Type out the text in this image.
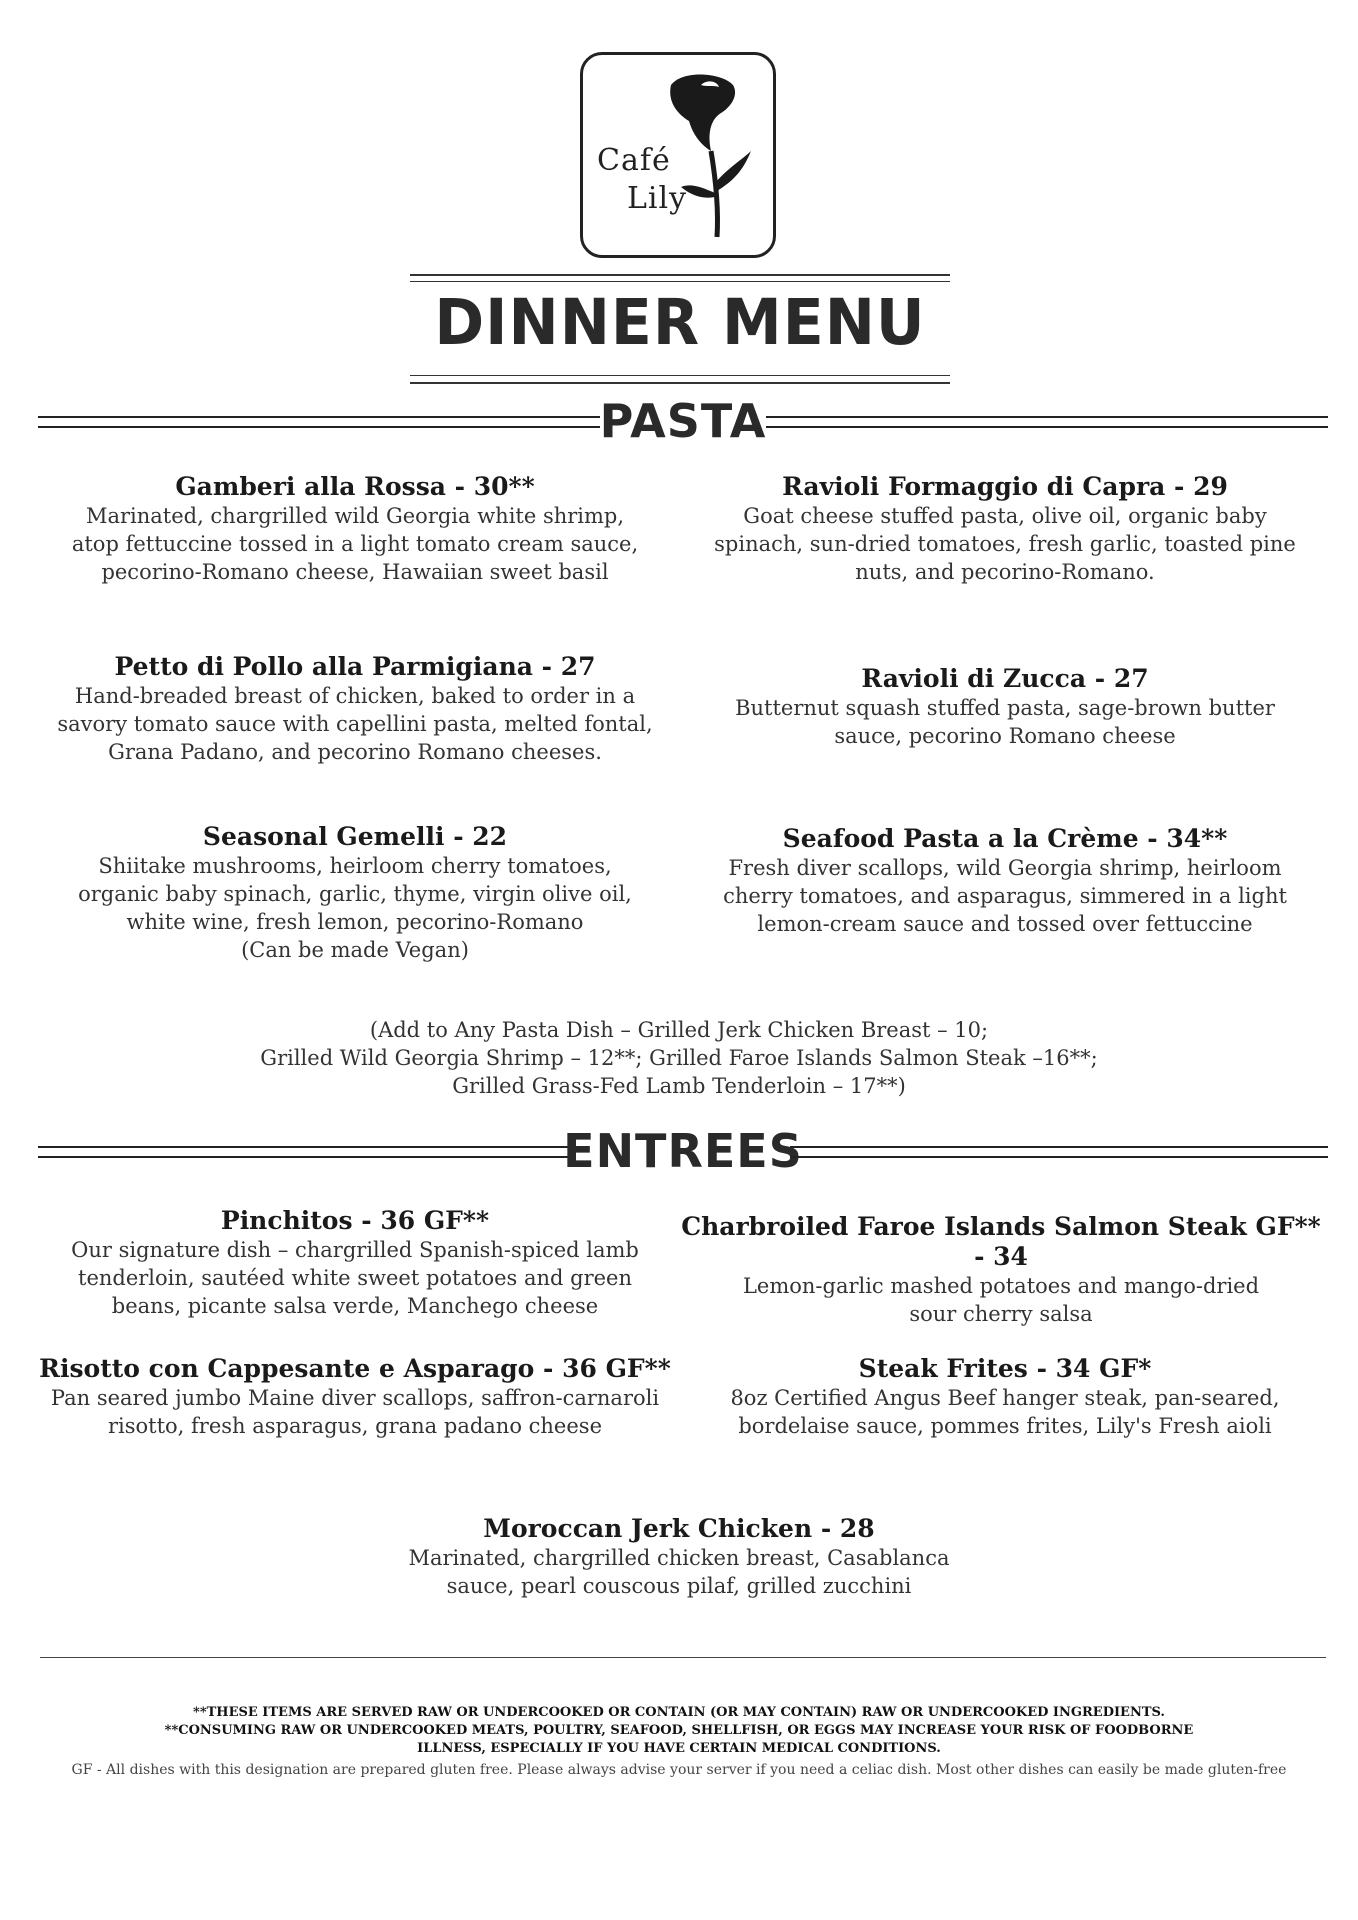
Café
Lily
DINNER MENU
PASTA
Gamberi alla Rossa - 30**
Marinated, chargrilled wild Georgia white shrimp,
atop fettuccine tossed in a light tomato cream sauce,
pecorino-Romano cheese, Hawaiian sweet basil
Ravioli Formaggio di Capra - 29
Goat cheese stuffed pasta, olive oil, organic baby
spinach, sun-dried tomatoes, fresh garlic, toasted pine
nuts, and pecorino-Romano.
Petto di Pollo alla Parmigiana - 27
Hand-breaded breast of chicken, baked to order in a
savory tomato sauce with capellini pasta, melted fontal,
Grana Padano, and pecorino Romano cheeses.
Ravioli di Zucca - 27
Butternut squash stuffed pasta, sage-brown butter
sauce, pecorino Romano cheese
Seasonal Gemelli - 22
Shiitake mushrooms, heirloom cherry tomatoes,
organic baby spinach, garlic, thyme, virgin olive oil,
white wine, fresh lemon, pecorino-Romano
(Can be made Vegan)
Seafood Pasta a la Crème - 34**
Fresh diver scallops, wild Georgia shrimp, heirloom
cherry tomatoes, and asparagus, simmered in a light
lemon-cream sauce and tossed over fettuccine
(Add to Any Pasta Dish – Grilled Jerk Chicken Breast – 10;
Grilled Wild Georgia Shrimp – 12**; Grilled Faroe Islands Salmon Steak –16**;
Grilled Grass-Fed Lamb Tenderloin – 17**)
ENTREES
Pinchitos - 36 GF**
Our signature dish – chargrilled Spanish-spiced lamb
tenderloin, sautéed white sweet potatoes and green
beans, picante salsa verde, Manchego cheese
Charbroiled Faroe Islands Salmon Steak GF**
- 34
Lemon-garlic mashed potatoes and mango-dried
sour cherry salsa
Risotto con Cappesante e Asparago - 36 GF**
Pan seared jumbo Maine diver scallops, saffron-carnaroli
risotto, fresh asparagus, grana padano cheese
Steak Frites - 34 GF*
8oz Certified Angus Beef hanger steak, pan-seared,
bordelaise sauce, pommes frites, Lily's Fresh aioli
Moroccan Jerk Chicken - 28
Marinated, chargrilled chicken breast, Casablanca
sauce, pearl couscous pilaf, grilled zucchini
**THESE ITEMS ARE SERVED RAW OR UNDERCOOKED OR CONTAIN (OR MAY CONTAIN) RAW OR UNDERCOOKED INGREDIENTS.
**CONSUMING RAW OR UNDERCOOKED MEATS, POULTRY, SEAFOOD, SHELLFISH, OR EGGS MAY INCREASE YOUR RISK OF FOODBORNE
ILLNESS, ESPECIALLY IF YOU HAVE CERTAIN MEDICAL CONDITIONS.
GF - All dishes with this designation are prepared gluten free. Please always advise your server if you need a celiac dish. Most other dishes can easily be made gluten-free
